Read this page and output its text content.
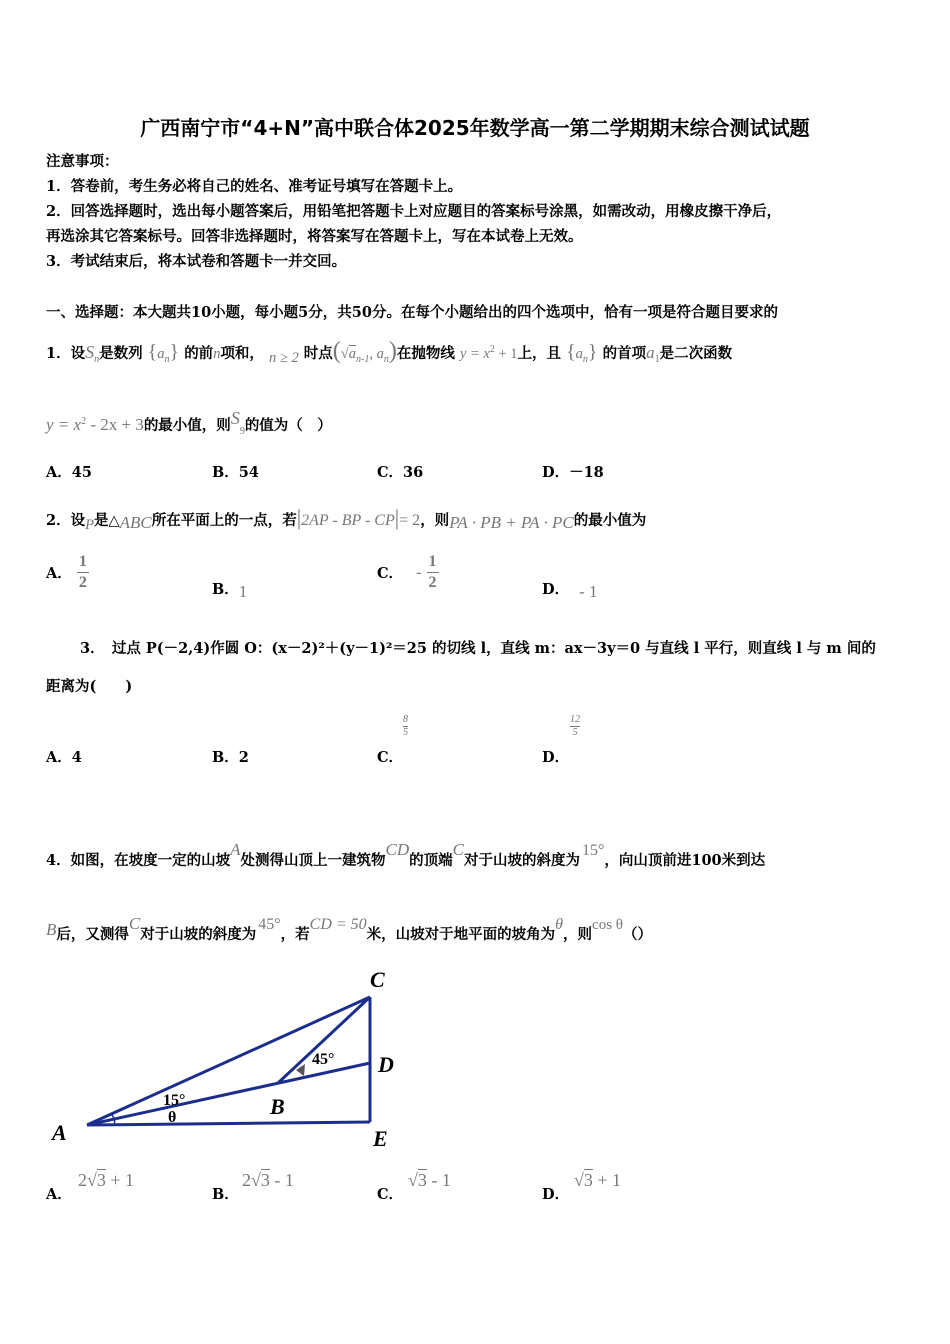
广西南宁市“4+N”高中联合体2025年数学高一第二学期期末综合测试试题
注意事项：
1．答卷前，考生务必将自己的姓名、准考证号填写在答题卡上。
2．回答选择题时，选出每小题答案后，用铅笔把答题卡上对应题目的答案标号涂黑，如需改动，用橡皮擦干净后，
再选涂其它答案标号。回答非选择题时，将答案写在答题卡上，写在本试卷上无效。
3．考试结束后，将本试卷和答题卡一并交回。
一、选择题：本大题共10小题，每小题5分，共50分。在每个小题给出的四个选项中，恰有一项是符合题目要求的
1．设$S_n$是数列 $\{a_n\}$ 的前n项和， n ≥ 2 时点($√a_{n-1}$, $a_n$)在抛物线 $y = x^2 + 1$上，且 $\{a_n\}$ 的首项$a_1$是二次函数
$y = x^2 - 2x + 3$的最小值，则$S_9$的值为（　）
A．45	B．54	C．36	D．－18
2．设P是△ABC所在平面上的一点，若|2AP - BP - CP|= 2，则PA · PB + PA · PC的最小值为
A． $\frac{1}{2}$	B．1
C． - $\frac{1}{2}$	D． - 1
3．　过点 P(－2,4)作圆 O：(x－2)²＋(y－1)²＝25 的切线 l，直线 m：ax－3y＝0 与直线 l 平行，则直线 l 与 m 间的
距离为(　　)
A．4	B．2	C．
$\frac{8}{5}$
D．
$\frac{12}{5}$
4．如图，在坡度一定的山坡A处测得山顶上一建筑物CD的顶端C对于山坡的斜度为15°，向山顶前进100米到达
B后，又测得C对于山坡的斜度为45°，若CD = 50米，山坡对于地平面的坡角为θ，则cos θ（）
A
B
C
D
E
15°
θ
45°
A．
2√3 + 1
B．
2√3 - 1
C．
√3 - 1
D．
√3 + 1
